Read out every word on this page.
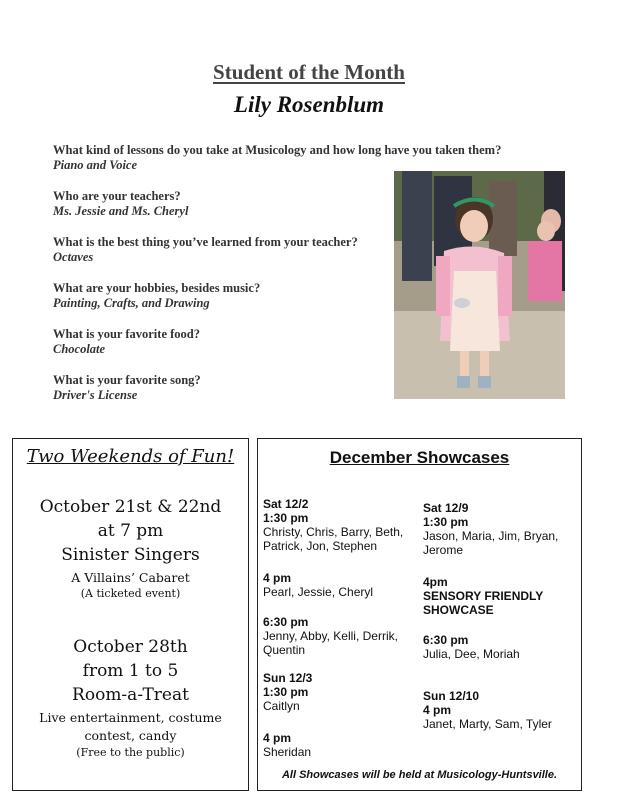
Student of the Month
Lily Rosenblum
What kind of lessons do you take at Musicology and how long have you taken them?
Piano and Voice
Who are your teachers?
Ms. Jessie and Ms. Cheryl
What is the best thing you’ve learned from your teacher?
Octaves
What are your hobbies, besides music?
Painting, Crafts, and Drawing
What is your favorite food?
Chocolate
What is your favorite song?
Driver's License
Two Weekends of Fun!
October 21st & 22nd
at 7 pm
Sinister Singers
A Villains’ Cabaret
(A ticketed event)
October 28th
from 1 to 5
Room-a-Treat
Live entertainment, costume
contest, candy
(Free to the public)
December Showcases
Sat 12/2
1:30 pm
Christy, Chris, Barry, Beth, Patrick, Jon, Stephen
4 pm
Pearl, Jessie, Cheryl
6:30 pm
Jenny, Abby, Kelli, Derrik, Quentin
Sun 12/3
1:30 pm
Caitlyn
4 pm
Sheridan
Sat 12/9
1:30 pm
Jason, Maria, Jim, Bryan, Jerome
4pm
SENSORY FRIENDLY SHOWCASE
6:30 pm
Julia, Dee, Moriah
Sun 12/10
4 pm
Janet, Marty, Sam, Tyler
All Showcases will be held at Musicology-Huntsville.
